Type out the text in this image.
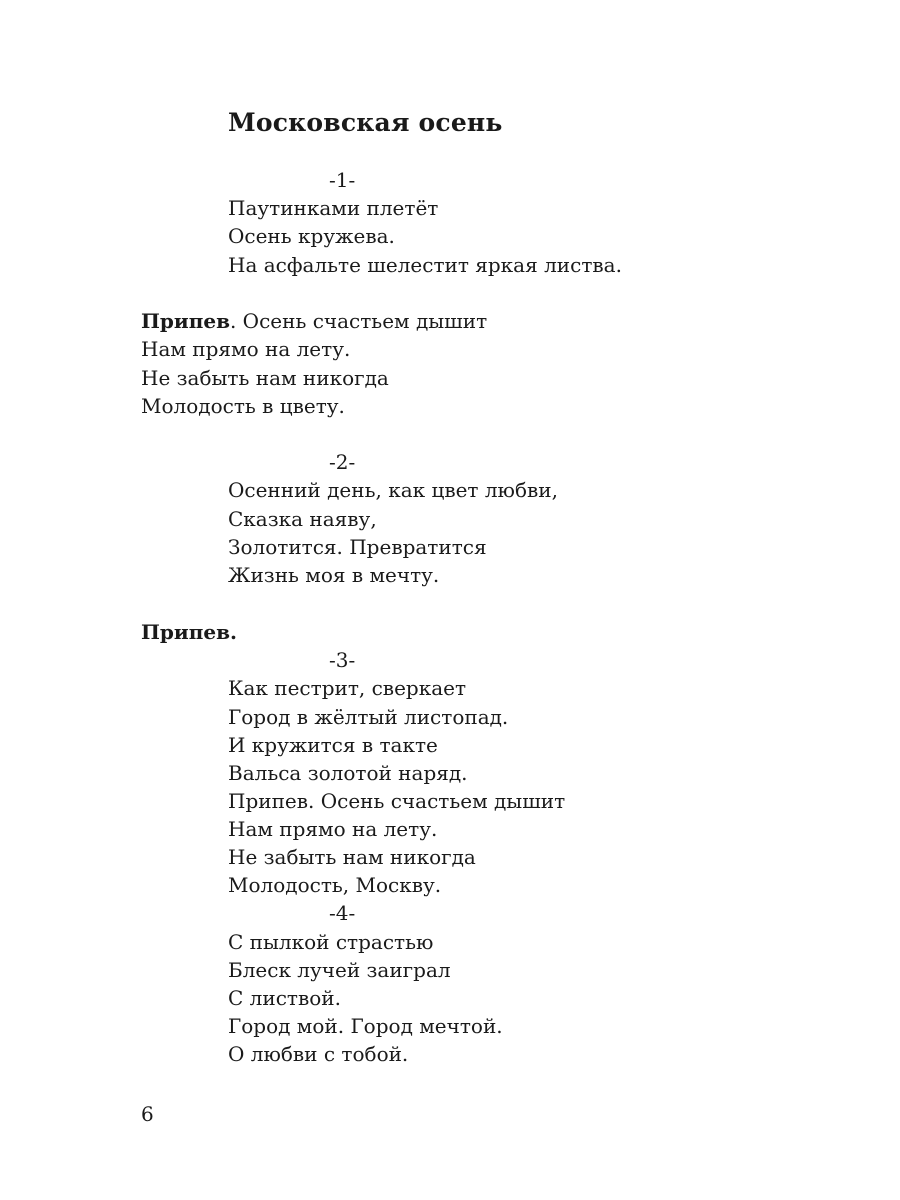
Московская осень

-1-

Паутинками плетёт

Осень кружева.

На асфальте шелестит яркая листва.

Припев. Осень счастьем дышит

Нам прямо на лету.

Не забыть нам никогда

Молодость в цвету.

-2-

Осенний день, как цвет любви,

Сказка наяву,

Золотится. Превратится

Жизнь моя в мечту.

Припев.

-3-

Как пестрит, сверкает

Город в жёлтый листопад.

И кружится в такте

Вальса золотой наряд.

Припев. Осень счастьем дышит

Нам прямо на лету.

Не забыть нам никогда

Молодость, Москву.

-4-

С пылкой страстью

Блеск лучей заиграл

С листвой.

Город мой. Город мечтой.

О любви с тобой.

6
